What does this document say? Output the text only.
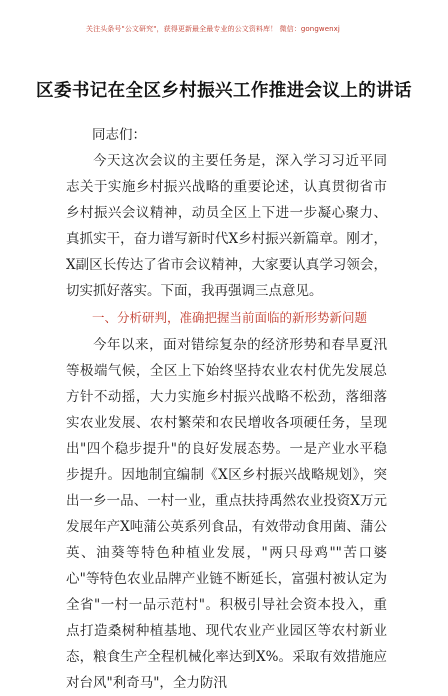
关注头条号"公文研究"，获得更新最全最专业的公文资料库！ 微信：gongwenxj
区委书记在全区乡村振兴工作推进会议上的讲话
同志们：

今天这次会议的主要任务是，深入学习习近平同志关于实施乡村振兴战略的重要论述，认真贯彻省市乡村振兴会议精神，动员全区上下进一步凝心聚力、真抓实干，奋力谱写新时代X乡村振兴新篇章。刚才，X副区长传达了省市会议精神，大家要认真学习领会，切实抓好落实。下面，我再强调三点意见。

一、分析研判，准确把握当前面临的新形势新问题

今年以来，面对错综复杂的经济形势和春旱夏汛等极端气候，全区上下始终坚持农业农村优先发展总方针不动摇，大力实施乡村振兴战略不松劲，落细落实农业发展、农村繁荣和农民增收各项硬任务，呈现出"四个稳步提升"的良好发展态势。一是产业水平稳步提升。因地制宜编制《X区乡村振兴战略规划》，突出一乡一品、一村一业，重点扶持禹然农业投资X万元发展年产X吨蒲公英系列食品，有效带动食用菌、蒲公英、油葵等特色种植业发展，"两只母鸡""苦口婆心"等特色农业品牌产业链不断延长，富强村被认定为全省"一村一品示范村"。积极引导社会资本投入，重点打造桑树种植基地、现代农业产业园区等农村新业态，粮食生产全程机械化率达到X%。采取有效措施应对台风"利奇马"，全力防汛
